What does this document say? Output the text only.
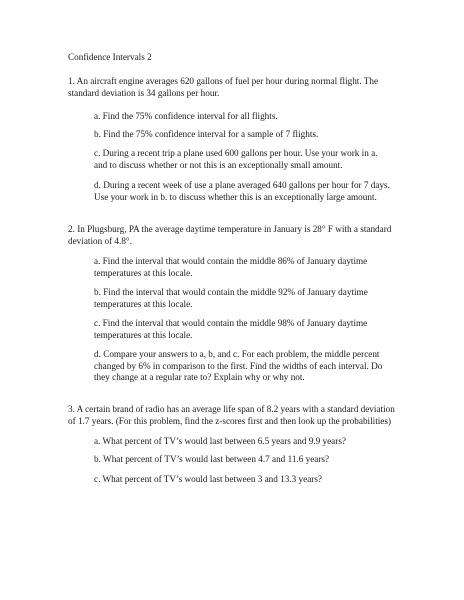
Confidence Intervals 2
1. An aircraft engine averages 620 gallons of fuel per hour during normal flight. The
standard deviation is 34 gallons per hour.
a. Find the 75% confidence interval for all flights.
b. Find the 75% confidence interval for a sample of 7 flights.
c. During a recent trip a plane used 600 gallons per hour. Use your work in a.
and to discuss whether or not this is an exceptionally small amount.
d. During a recent week of use a plane averaged 640 gallons per hour for 7 days.
Use your work in b. to discuss whether this is an exceptionally large amount.
2. In Plugsburg, PA the average daytime temperature in January is 28° F with a standard
deviation of 4.8°.
a. Find the interval that would contain the middle 86% of January daytime
temperatures at this locale.
b. Find the interval that would contain the middle 92% of January daytime
temperatures at this locale.
c. Find the interval that would contain the middle 98% of January daytime
temperatures at this locale.
d. Compare your answers to a, b, and c. For each problem, the middle percent
changed by 6% in comparison to the first. Find the widths of each interval. Do
they change at a regular rate to? Explain why or why not.
3. A certain brand of radio has an average life span of 8.2 years with a standard deviation
of 1.7 years. (For this problem, find the z-scores first and then look up the probabilities)
a. What percent of TV’s would last between 6.5 years and 9.9 years?
b. What percent of TV’s would last between 4.7 and 11.6 years?
c. What percent of TV’s would last between 3 and 13.3 years?
